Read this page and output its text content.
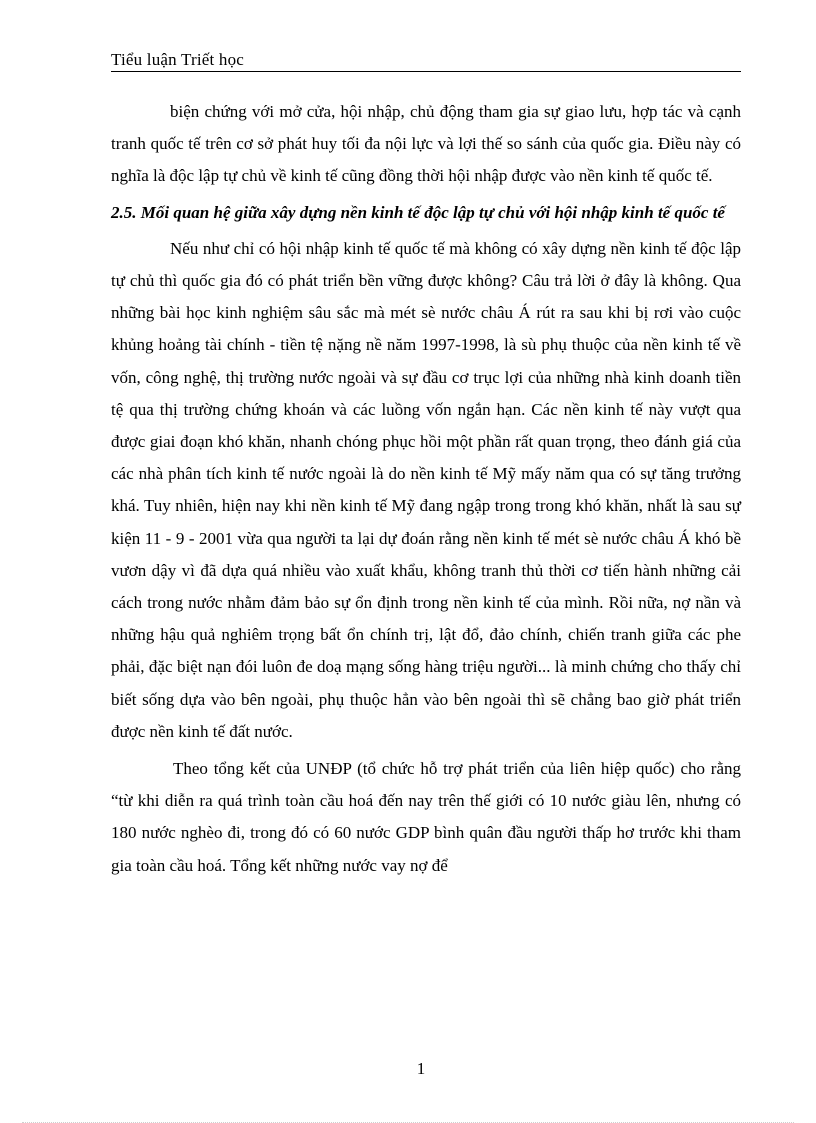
Tiểu luận Triết học

biện chứng với mở cửa, hội nhập, chủ động tham gia sự giao lưu, hợp tác và cạnh tranh quốc tế trên cơ sở phát huy tối đa nội lực và lợi thế so sánh của quốc gia. Điều này có nghĩa là độc lập tự chủ về kinh tế cũng đồng thời hội nhập được vào nền kinh tế quốc tế.

2.5. Mối quan hệ giữa xây dựng nền kinh tế độc lập tự chủ với hội nhập kinh tế quốc tế

Nếu như chỉ có hội nhập kinh tế quốc tế mà không có xây dựng nền kinh tế độc lập tự chủ thì quốc gia đó có phát triển bền vững được không? Câu trả lời ở đây là không. Qua những bài học kinh nghiệm sâu sắc mà mét sè nước châu Á rút ra sau khi bị rơi vào cuộc khủng hoảng tài chính - tiền tệ nặng nề năm 1997-1998, là sù phụ thuộc của nền kinh tế về vốn, công nghệ, thị trường nước ngoài và sự đầu cơ trục lợi của những nhà kinh doanh tiền tệ qua thị trường chứng khoán và các luồng vốn ngắn hạn. Các nền kinh tế này vượt qua được giai đoạn khó khăn, nhanh chóng phục hồi một phần rất quan trọng, theo đánh giá của các nhà phân tích kinh tế nước ngoài là do nền kinh tế Mỹ mấy năm qua có sự tăng trưởng khá. Tuy nhiên, hiện nay khi nền kinh tế Mỹ đang ngập trong trong khó khăn, nhất là sau sự kiện 11 - 9 - 2001 vừa qua người ta lại dự đoán rằng nền kinh tế mét sè nước châu Á khó bề vươn dậy vì đã dựa quá nhiều vào xuất khẩu, không tranh thủ thời cơ tiến hành những cải cách trong nước nhằm đảm bảo sự ổn định trong nền kinh tế của mình. Rồi nữa, nợ nần và những hậu quả nghiêm trọng bất ổn chính trị, lật đổ, đảo chính, chiến tranh giữa các phe phải, đặc biệt nạn đói luôn đe doạ mạng sống hàng triệu người... là minh chứng cho thấy chỉ biết sống dựa vào bên ngoài, phụ thuộc hẳn vào bên ngoài thì sẽ chẳng bao giờ phát triển được nền kinh tế đất nước.

Theo tổng kết của UNĐP (tổ chức hỗ trợ phát triển của liên hiệp quốc) cho rằng “từ khi diễn ra quá trình toàn cầu hoá đến nay trên thế giới có 10 nước giàu lên, nhưng có 180 nước nghèo đi, trong đó có 60 nước GDP bình quân đầu người thấp hơ trước khi tham gia toàn cầu hoá. Tổng kết những nước vay nợ để

1
